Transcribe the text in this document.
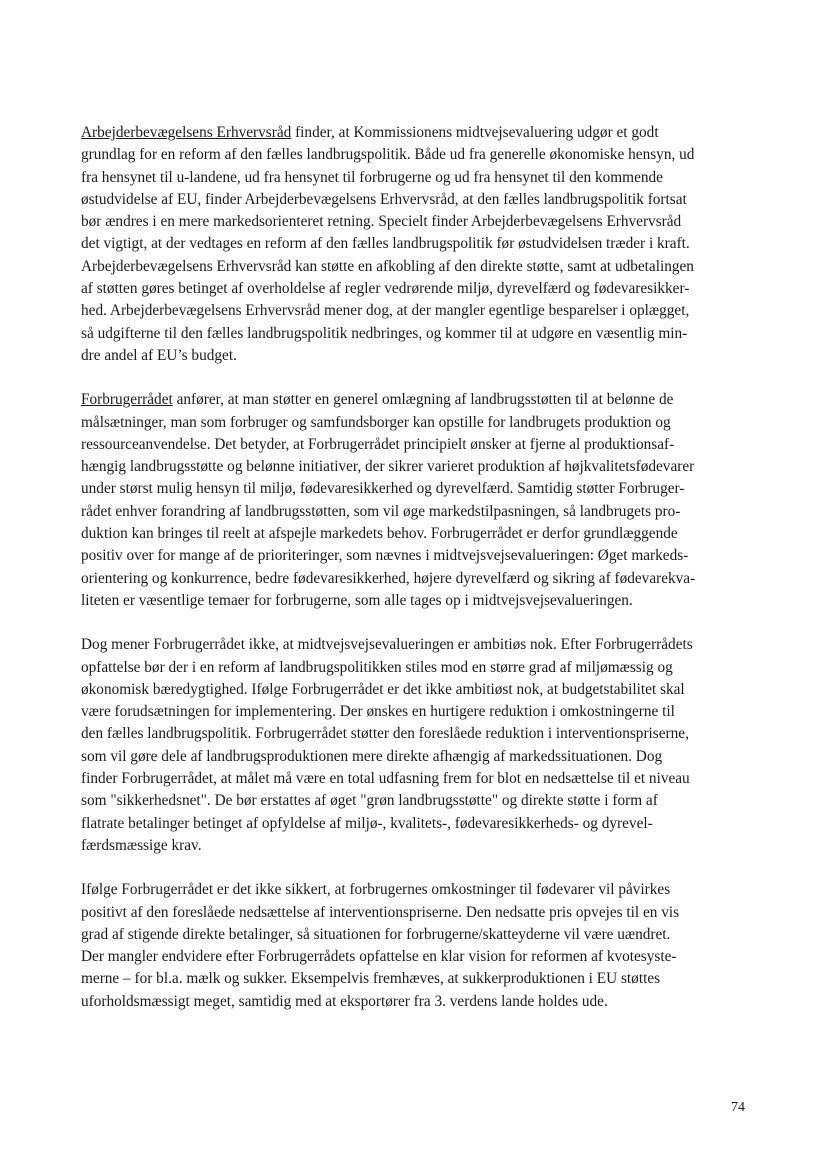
Arbejderbevægelsens Erhvervsråd finder, at Kommissionens midtvejsevaluering udgør et godt
grundlag for en reform af den fælles landbrugspolitik. Både ud fra generelle økonomiske hensyn, ud
fra hensynet til u-landene, ud fra hensynet til forbrugerne og ud fra hensynet til den kommende
østudvidelse af EU, finder Arbejderbevægelsens Erhvervsråd, at den fælles landbrugspolitik fortsat
bør ændres i en mere markedsorienteret retning. Specielt finder Arbejderbevægelsens Erhvervsråd
det vigtigt, at der vedtages en reform af den fælles landbrugspolitik før østudvidelsen træder i kraft.
Arbejderbevægelsens Erhvervsråd kan støtte en afkobling af den direkte støtte, samt at udbetalingen
af støtten gøres betinget af overholdelse af regler vedrørende miljø, dyrevelfærd og fødevaresikker-
hed. Arbejderbevægelsens Erhvervsråd mener dog, at der mangler egentlige besparelser i oplægget,
så udgifterne til den fælles landbrugspolitik nedbringes, og kommer til at udgøre en væsentlig min-
dre andel af EU’s budget.

Forbrugerrådet anfører, at man støtter en generel omlægning af landbrugsstøtten til at belønne de
målsætninger, man som forbruger og samfundsborger kan opstille for landbrugets produktion og
ressourceanvendelse. Det betyder, at Forbrugerrådet principielt ønsker at fjerne al produktionsaf-
hængig landbrugsstøtte og belønne initiativer, der sikrer varieret produktion af højkvalitetsfødevarer
under størst mulig hensyn til miljø, fødevaresikkerhed og dyrevelfærd. Samtidig støtter Forbruger-
rådet enhver forandring af landbrugsstøtten, som vil øge markedstilpasningen, så landbrugets pro-
duktion kan bringes til reelt at afspejle markedets behov. Forbrugerrådet er derfor grundlæggende
positiv over for mange af de prioriteringer, som nævnes i midtvejsvejsevalueringen: Øget markeds-
orientering og konkurrence, bedre fødevaresikkerhed, højere dyrevelfærd og sikring af fødevarekva-
liteten er væsentlige temaer for forbrugerne, som alle tages op i midtvejsvejsevalueringen.

Dog mener Forbrugerrådet ikke, at midtvejsvejsevalueringen er ambitiøs nok. Efter Forbrugerrådets
opfattelse bør der i en reform af landbrugspolitikken stiles mod en større grad af miljømæssig og
økonomisk bæredygtighed. Ifølge Forbrugerrådet er det ikke ambitiøst nok, at budgetstabilitet skal
være forudsætningen for implementering. Der ønskes en hurtigere reduktion i omkostningerne til
den fælles landbrugspolitik. Forbrugerrådet støtter den foreslåede reduktion i interventionspriserne,
som vil gøre dele af landbrugsproduktionen mere direkte afhængig af markedssituationen. Dog
finder Forbrugerrådet, at målet må være en total udfasning frem for blot en nedsættelse til et niveau
som "sikkerhedsnet". De bør erstattes af øget "grøn landbrugsstøtte" og direkte støtte i form af
flatrate betalinger betinget af opfyldelse af miljø-, kvalitets-, fødevaresikkerheds- og dyrevel-
færdsmæssige krav.

Ifølge Forbrugerrådet er det ikke sikkert, at forbrugernes omkostninger til fødevarer vil påvirkes
positivt af den foreslåede nedsættelse af interventionspriserne. Den nedsatte pris opvejes til en vis
grad af stigende direkte betalinger, så situationen for forbrugerne/skatteyderne vil være uændret.
Der mangler endvidere efter Forbrugerrådets opfattelse en klar vision for reformen af kvotesyste-
merne – for bl.a. mælk og sukker. Eksempelvis fremhæves, at sukkerproduktionen i EU støttes
uforholdsmæssigt meget, samtidig med at eksportører fra 3. verdens lande holdes ude.

74
